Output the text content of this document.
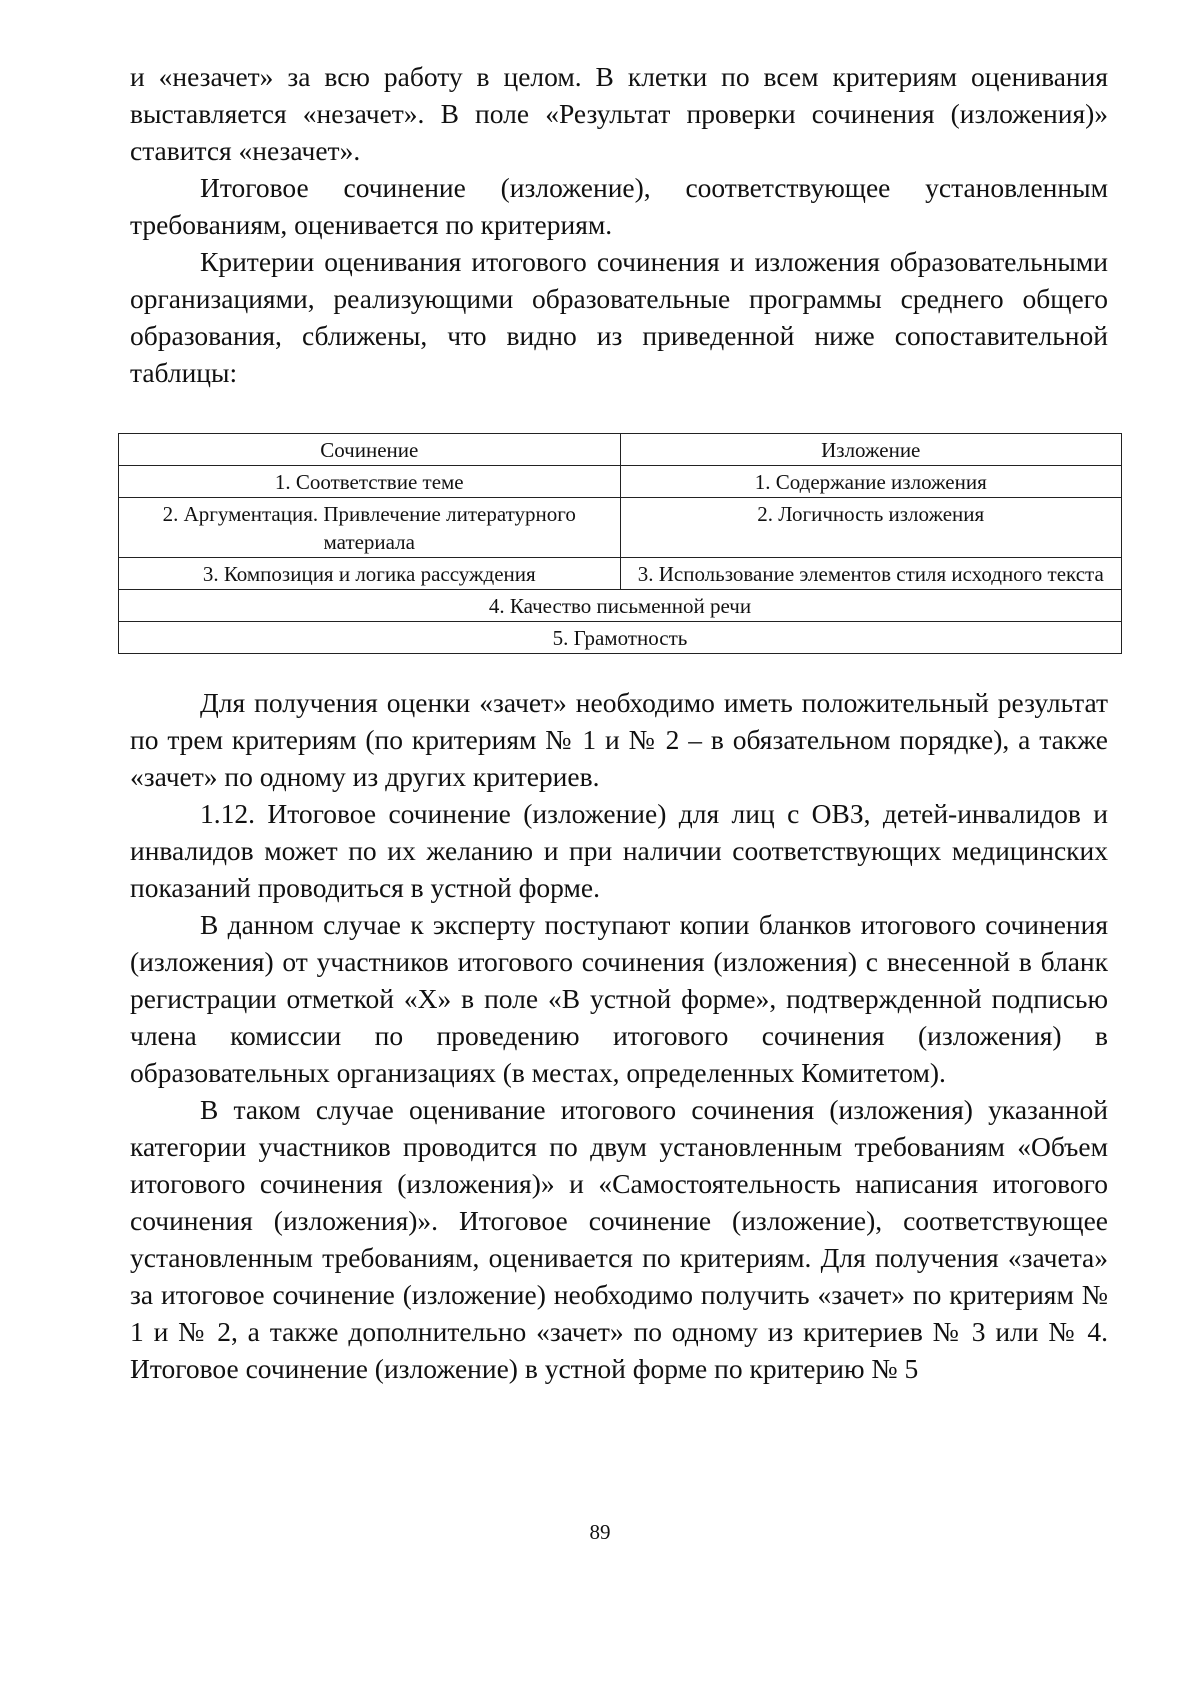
и «незачет» за всю работу в целом. В клетки по всем критериям оценивания выставляется «незачет». В поле «Результат проверки сочинения (изложения)» ставится «незачет».

Итоговое сочинение (изложение), соответствующее установленным требованиям, оценивается по критериям.

Критерии оценивания итогового сочинения и изложения образовательными организациями, реализующими образовательные программы среднего общего образования, сближены, что видно из приведенной ниже сопоставительной таблицы:

Сочинение	Изложение
1. Соответствие теме	1. Содержание изложения
2. Аргументация. Привлечение литературного материала	2. Логичность изложения
3. Композиция и логика рассуждения	3. Использование элементов стиля исходного текста
4. Качество письменной речи	
5. Грамотность	

Для получения оценки «зачет» необходимо иметь положительный результат по трем критериям (по критериям № 1 и № 2 – в обязательном порядке), а также «зачет» по одному из других критериев.

1.12. Итоговое сочинение (изложение) для лиц с ОВЗ, детей-инвалидов и инвалидов может по их желанию и при наличии соответствующих медицинских показаний проводиться в устной форме.

В данном случае к эксперту поступают копии бланков итогового сочинения (изложения) от участников итогового сочинения (изложения) с внесенной в бланк регистрации отметкой «Х» в поле «В устной форме», подтвержденной подписью члена комиссии по проведению итогового сочинения (изложения) в образовательных организациях (в местах, определенных Комитетом).

В таком случае оценивание итогового сочинения (изложения) указанной категории участников проводится по двум установленным требованиям «Объем итогового сочинения (изложения)» и «Самостоятельность написания итогового сочинения (изложения)». Итоговое сочинение (изложение), соответствующее установленным требованиям, оценивается по критериям. Для получения «зачета» за итоговое сочинение (изложение) необходимо получить «зачет» по критериям № 1 и № 2, а также дополнительно «зачет» по одному из критериев № 3 или № 4. Итоговое сочинение (изложение) в устной форме по критерию № 5

89
